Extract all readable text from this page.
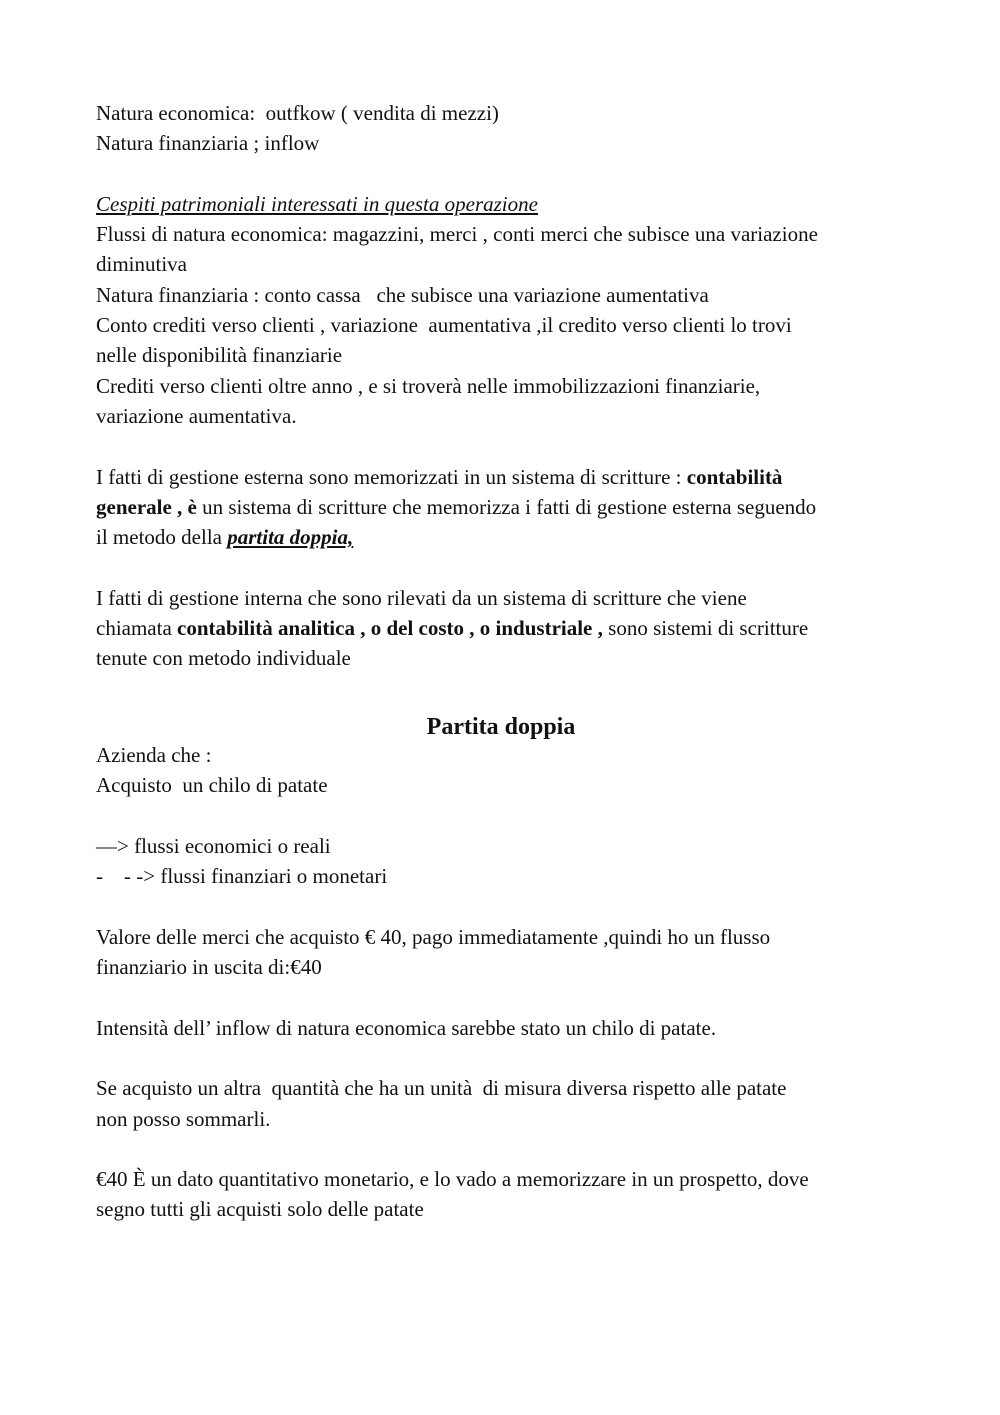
Natura economica:  outfkow ( vendita di mezzi)
Natura finanziaria ; inflow
Cespiti patrimoniali interessati in questa operazione
Flussi di natura economica: magazzini, merci , conti merci che subisce una variazione
diminutiva
Natura finanziaria : conto cassa   che subisce una variazione aumentativa
Conto crediti verso clienti , variazione  aumentativa ,il credito verso clienti lo trovi
nelle disponibilità finanziarie
Crediti verso clienti oltre anno , e si troverà nelle immobilizzazioni finanziarie,
variazione aumentativa.
I fatti di gestione esterna sono memorizzati in un sistema di scritture : contabilità
generale , è un sistema di scritture che memorizza i fatti di gestione esterna seguendo
il metodo della partita doppia,
I fatti di gestione interna che sono rilevati da un sistema di scritture che viene
chiamata contabilità analitica , o del costo , o industriale , sono sistemi di scritture
tenute con metodo individuale
Partita doppia
Azienda che :
Acquisto  un chilo di patate
—> flussi economici o reali
-    - -> flussi finanziari o monetari
Valore delle merci che acquisto € 40, pago immediatamente ,quindi ho un flusso
finanziario in uscita di:€40
Intensità dell’ inflow di natura economica sarebbe stato un chilo di patate.
Se acquisto un altra  quantità che ha un unità  di misura diversa rispetto alle patate
non posso sommarli.
€40 È un dato quantitativo monetario, e lo vado a memorizzare in un prospetto, dove
segno tutti gli acquisti solo delle patate
